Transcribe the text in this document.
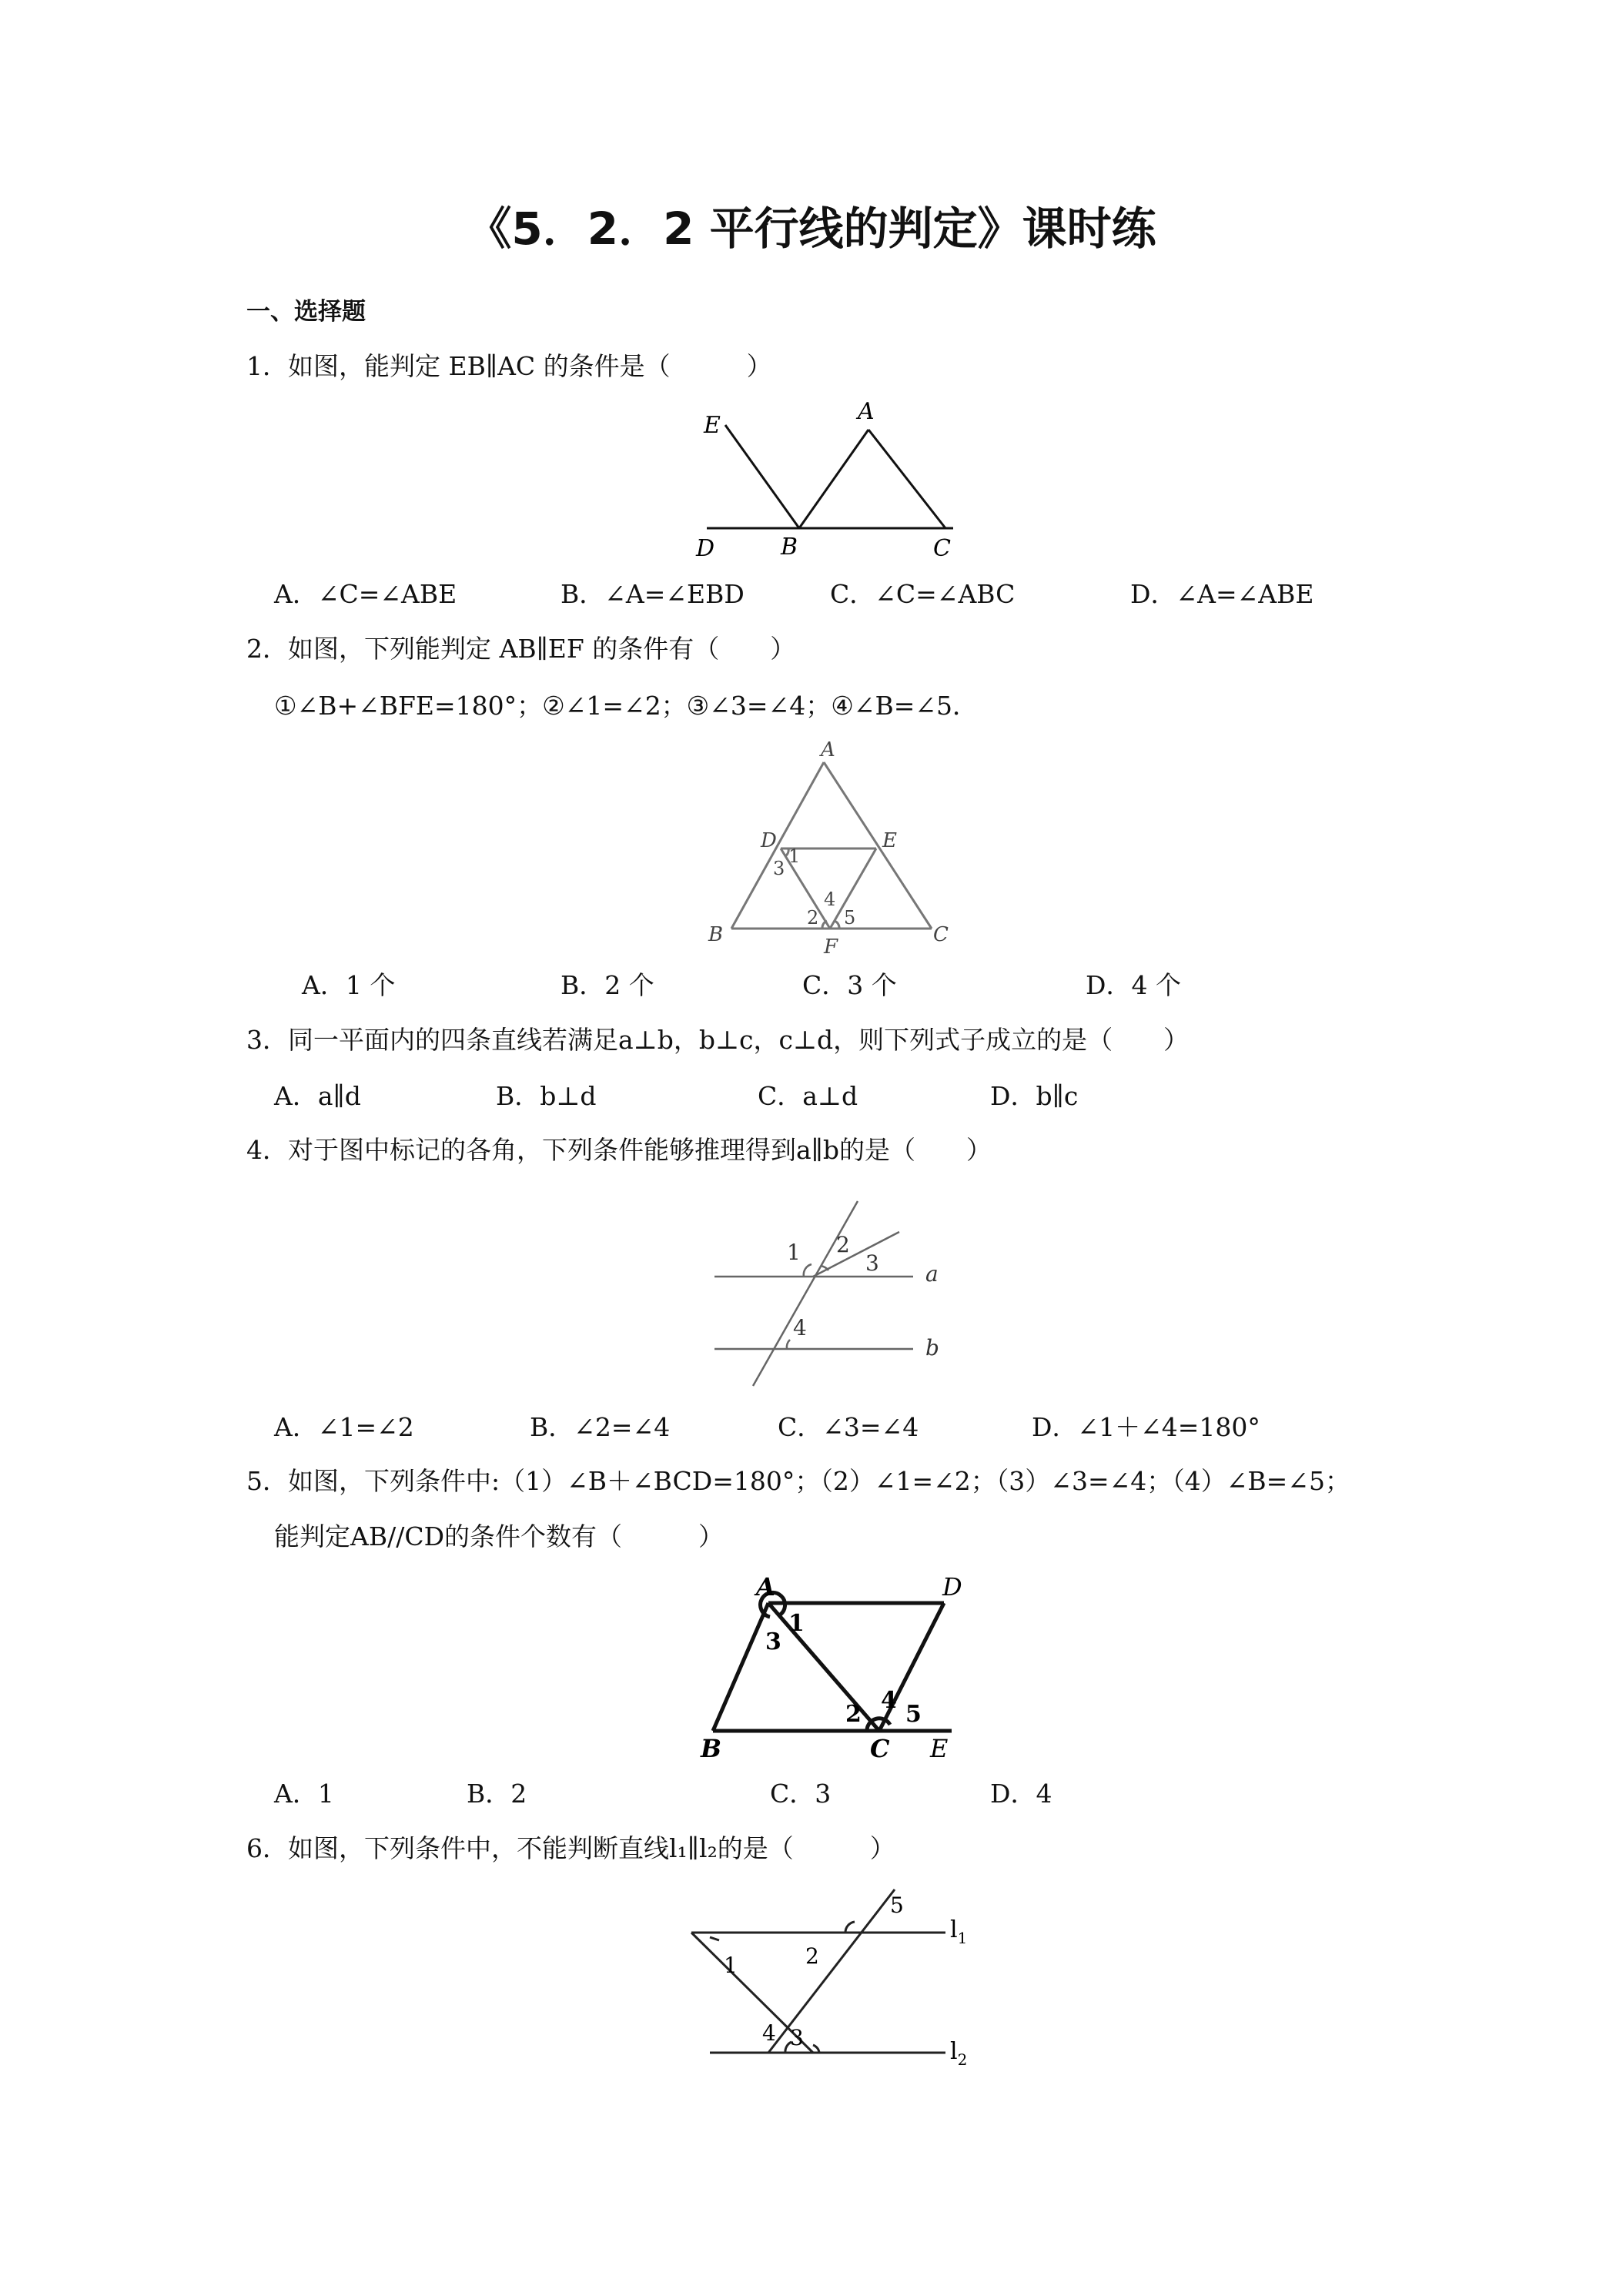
《5．2．2 平行线的判定》课时练
一、选择题
1．如图，能判定 EB∥AC 的条件是（　　　）
E
A
D	B	C
A．∠C=∠ABE	B．∠A=∠EBD	C．∠C=∠ABC	D．∠A=∠ABE
2．如图，下列能判定 AB∥EF 的条件有（　　）
①∠B+∠BFE=180°；②∠1=∠2；③∠3=∠4；④∠B=∠5．
A
D	E
1
3
4
2 5
B
F
C
A．1 个	B．2 个	C．3 个	D．4 个
3．同一平面内的四条直线若满足a⊥b，b⊥c，c⊥d，则下列式子成立的是（　　）
A．a∥d	B．b⊥d	C．a⊥d	D．b∥c
4．对于图中标记的各角，下列条件能够推理得到a∥b的是（　　）
1 2
3
4
a
b
A．∠1=∠2	B．∠2=∠4	C．∠3=∠4	D．∠1＋∠4=180°
5．如图，下列条件中:（1）∠B＋∠BCD=180°；（2）∠1=∠2；（3）∠3=∠4；（4）∠B=∠5；
能判定AB//CD的条件个数有（　　　）
A	D
1
3
2
4
5
B	C E
A．1	B．2	C．3	D．4
6．如图，下列条件中，不能判断直线l₁∥l₂的是（　　　）
5
1	2
4 3
$l_1$
$l_2$
